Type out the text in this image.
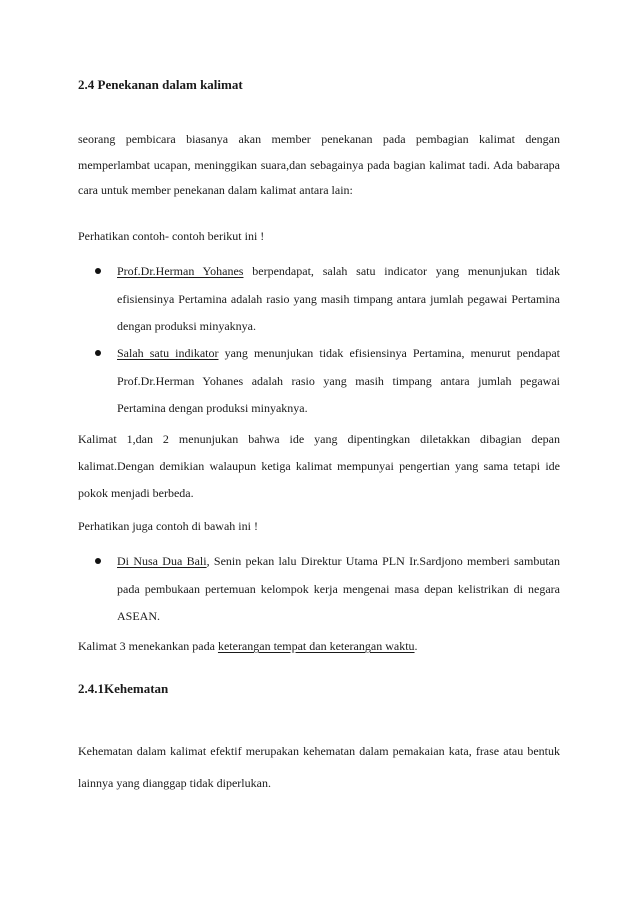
2.4 Penekanan dalam kalimat

seorang pembicara biasanya akan member penekanan pada pembagian kalimat dengan memperlambat ucapan, meninggikan suara,dan sebagainya pada bagian kalimat tadi. Ada babarapa cara untuk member penekanan dalam kalimat antara lain:

Perhatikan contoh- contoh berikut ini !

Prof.Dr.Herman Yohanes berpendapat, salah satu indicator yang menunjukan tidak efisiensinya Pertamina adalah rasio yang masih timpang antara jumlah pegawai Pertamina dengan produksi minyaknya.

Salah satu indikator yang menunjukan tidak efisiensinya Pertamina, menurut pendapat Prof.Dr.Herman Yohanes adalah rasio yang masih timpang antara jumlah pegawai Pertamina dengan produksi minyaknya.

Kalimat 1,dan 2 menunjukan bahwa ide yang dipentingkan diletakkan dibagian depan kalimat.Dengan demikian walaupun ketiga kalimat mempunyai pengertian yang sama tetapi ide pokok menjadi berbeda.

Perhatikan juga contoh di bawah ini !

Di Nusa Dua Bali, Senin pekan lalu Direktur Utama PLN Ir.Sardjono memberi sambutan pada pembukaan pertemuan kelompok kerja mengenai masa depan kelistrikan di negara ASEAN.

Kalimat 3 menekankan pada keterangan tempat dan keterangan waktu.

2.4.1Kehematan

Kehematan dalam kalimat efektif merupakan kehematan dalam pemakaian kata, frase atau bentuk lainnya yang dianggap tidak diperlukan.
